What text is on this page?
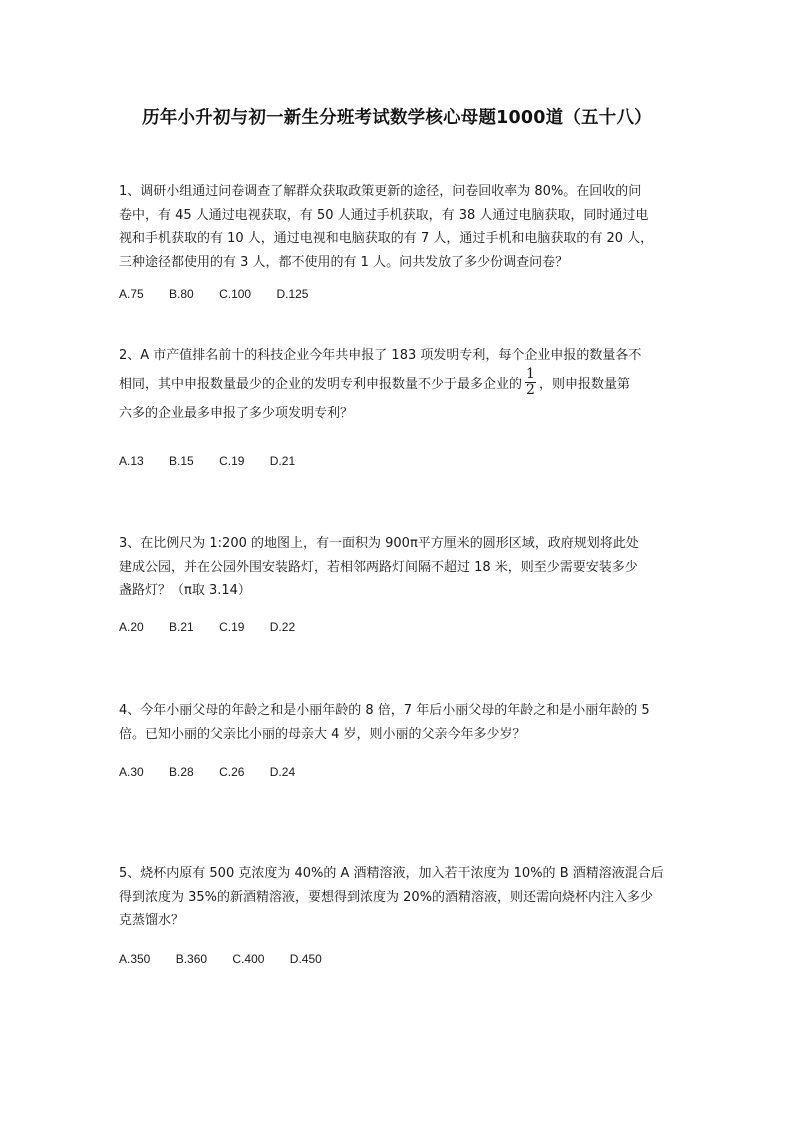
历年小升初与初一新生分班考试数学核心母题1000道（五十八）
1、调研小组通过问卷调查了解群众获取政策更新的途径，问卷回收率为 80%。在回收的问
卷中，有 45 人通过电视获取，有 50 人通过手机获取，有 38 人通过电脑获取，同时通过电
视和手机获取的有 10 人，通过电视和电脑获取的有 7 人，通过手机和电脑获取的有 20 人，
三种途径都使用的有 3 人，都不使用的有 1 人。问共发放了多少份调查问卷？
A.75 B.80 C.100 D.125
2、A 市产值排名前十的科技企业今年共申报了 183 项发明专利，每个企业申报的数量各不
相同，其中申报数量最少的企业的发明专利申报数量不少于最多企业的 $\frac{1}{2}$ ，则申报数量第
六多的企业最多申报了多少项发明专利？
A.13 B.15 C.19 D.21
3、在比例尺为 1:200 的地图上，有一面积为 900π平方厘米的圆形区域，政府规划将此处
建成公园，并在公园外围安装路灯，若相邻两路灯间隔不超过 18 米，则至少需要安装多少
盏路灯？（π取 3.14）
A.20 B.21 C.19 D.22
4、今年小丽父母的年龄之和是小丽年龄的 8 倍，7 年后小丽父母的年龄之和是小丽年龄的 5
倍。已知小丽的父亲比小丽的母亲大 4 岁，则小丽的父亲今年多少岁？
A.30 B.28 C.26 D.24
5、烧杯内原有 500 克浓度为 40%的 A 酒精溶液，加入若干浓度为 10%的 B 酒精溶液混合后
得到浓度为 35%的新酒精溶液，要想得到浓度为 20%的酒精溶液，则还需向烧杯内注入多少
克蒸馏水？
A.350 B.360 C.400 D.450
